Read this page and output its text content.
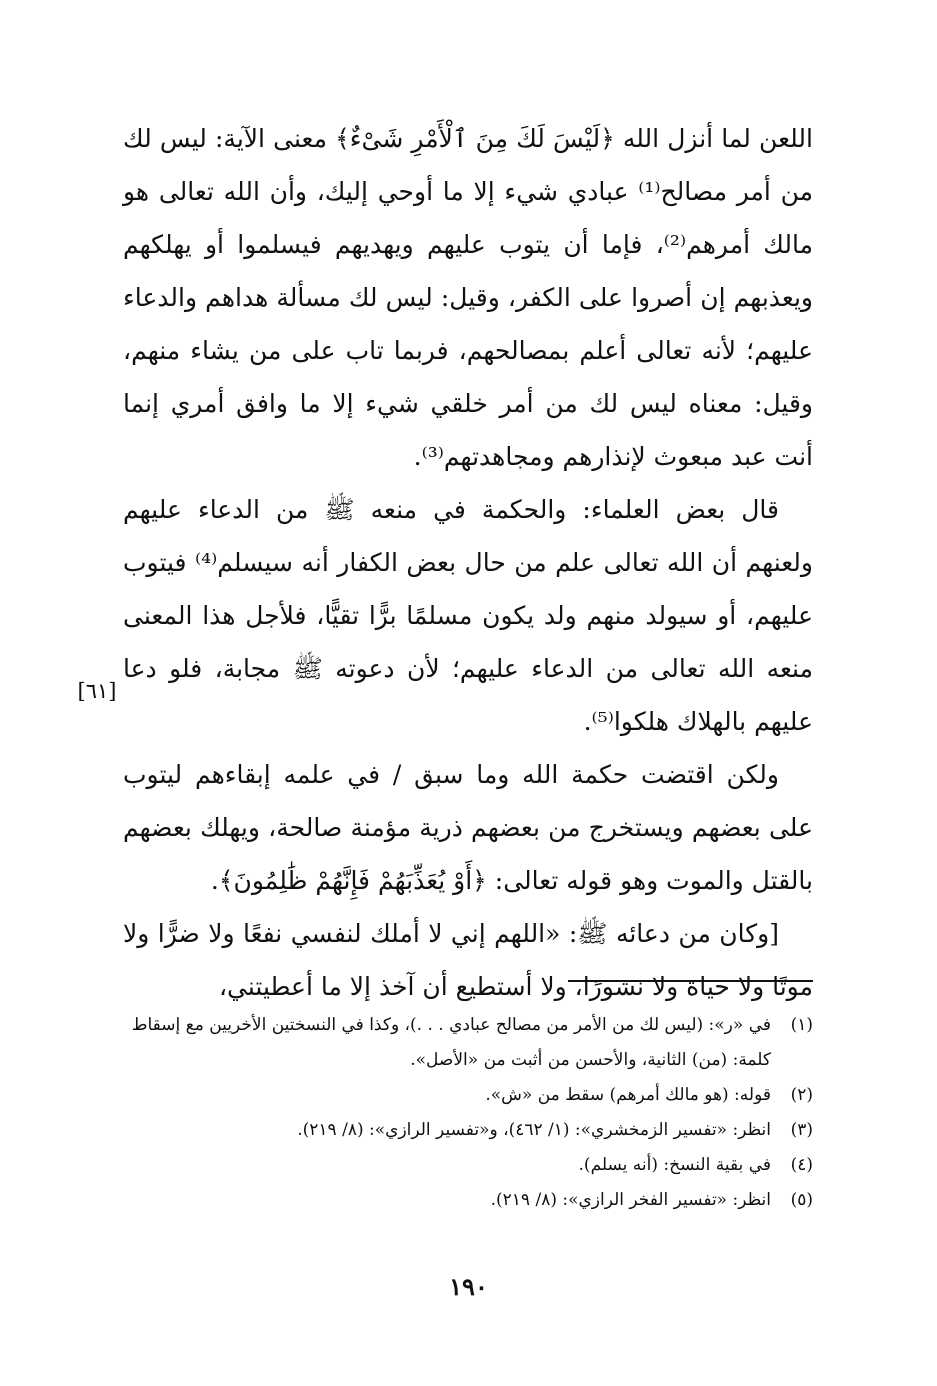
اللعن لما أنزل الله ﴿لَيْسَ لَكَ مِنَ ٱلْأَمْرِ شَىْءٌ﴾ معنى الآية: ليس لك من أمر مصالح⁽¹⁾ عبادي شيء إلا ما أوحي إليك، وأن الله تعالى هو مالك أمرهم⁽²⁾، فإما أن يتوب عليهم ويهديهم فيسلموا أو يهلكهم ويعذبهم إن أصروا على الكفر، وقيل: ليس لك مسألة هداهم والدعاء عليهم؛ لأنه تعالى أعلم بمصالحهم، فربما تاب على من يشاء منهم، وقيل: معناه ليس لك من أمر خلقي شيء إلا ما وافق أمري إنما أنت عبد مبعوث لإنذارهم ومجاهدتهم⁽³⁾.

قال بعض العلماء: والحكمة في منعه ﷺ من الدعاء عليهم ولعنهم أن الله تعالى علم من حال بعض الكفار أنه سيسلم⁽⁴⁾ فيتوب عليهم، أو سيولد منهم ولد يكون مسلمًا برًّا تقيًّا، فلأجل هذا المعنى منعه الله تعالى من الدعاء عليهم؛ لأن دعوته ﷺ مجابة، فلو دعا عليهم بالهلاك هلكوا⁽⁵⁾.

ولكن اقتضت حكمة الله وما سبق / في علمه إبقاءهم ليتوب على بعضهم ويستخرج من بعضهم ذرية مؤمنة صالحة، ويهلك بعضهم بالقتل والموت وهو قوله تعالى: ﴿أَوْ يُعَذِّبَهُمْ فَإِنَّهُمْ ظَٰلِمُونَ﴾.

[وكان من دعائه ﷺ: «اللهم إني لا أملك لنفسي نفعًا ولا ضرًّا ولا موتًا ولا حياة ولا نشورًا، ولا أستطيع أن آخذ إلا ما أعطيتني،

[٦١]
(١)
في «ر»: (ليس لك من الأمر من مصالح عبادي . . .)، وكذا في النسختين الأخريين مع إسقاط كلمة: (من) الثانية، والأحسن من أثبت من «الأصل».
(٢)
قوله: (هو مالك أمرهم) سقط من «ش».
(٣)
انظر: «تفسير الزمخشري»: (١/ ٤٦٢)، و«تفسير الرازي»: (٨/ ٢١٩).
(٤)
في بقية النسخ: (أنه يسلم).
(٥)
انظر: «تفسير الفخر الرازي»: (٨/ ٢١٩).
١٩٠
